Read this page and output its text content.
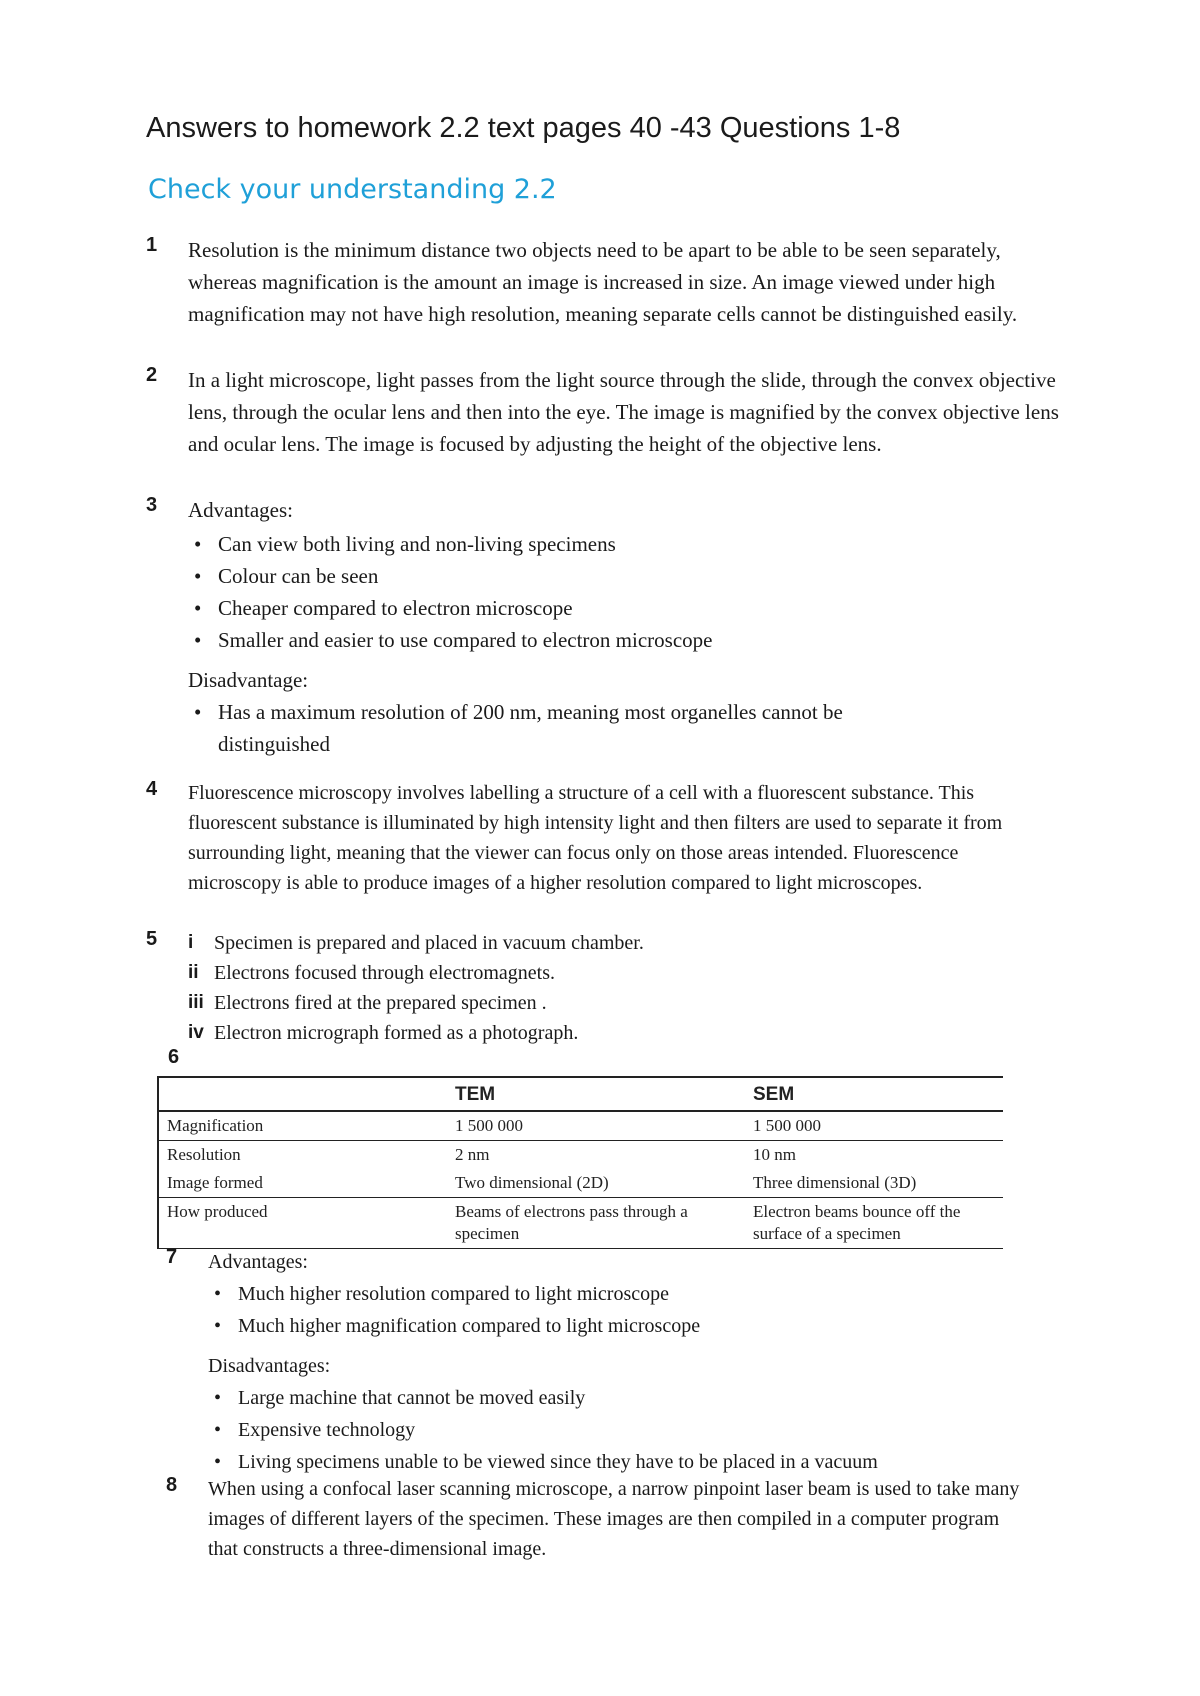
Answers to homework 2.2 text pages 40 -43 Questions 1-8
Check your understanding 2.2
1 Resolution is the minimum distance two objects need to be apart to be able to be seen separately, whereas magnification is the amount an image is increased in size. An image viewed under high magnification may not have high resolution, meaning separate cells cannot be distinguished easily.

2 In a light microscope, light passes from the light source through the slide, through the convex objective lens, through the ocular lens and then into the eye. The image is magnified by the convex objective lens and ocular lens. The image is focused by adjusting the height of the objective lens.

3 Advantages:

• Can view both living and non-living specimens
• Colour can be seen
• Cheaper compared to electron microscope
• Smaller and easier to use compared to electron microscope

Disadvantage:

• Has a maximum resolution of 200 nm, meaning most organelles cannot be distinguished
4 Fluorescence microscopy involves labelling a structure of a cell with a fluorescent substance. This fluorescent substance is illuminated by high intensity light and then filters are used to separate it from surrounding light, meaning that the viewer can focus only on those areas intended. Fluorescence microscopy is able to produce images of a higher resolution compared to light microscopes.

5 i	Specimen is prepared and placed in vacuum chamber.
ii Electrons focused through electromagnets.
iii Electrons fired at the prepared specimen .
iv Electron micrograph formed as a photograph.
6
	TEM	SEM
Magnification	1 500 000	1 500 000
Resolution	2 nm	10 nm
Image formed	Two dimensional (2D)	Three dimensional (3D)
How produced	Beams of electrons pass through a specimen	Electron beams bounce off the surface of a specimen
7 Advantages:

• Much higher resolution compared to light microscope
• Much higher magnification compared to light microscope

Disadvantages:

• Large machine that cannot be moved easily
• Expensive technology
• Living specimens unable to be viewed since they have to be placed in a vacuum
8 When using a confocal laser scanning microscope, a narrow pinpoint laser beam is used to take many images of different layers of the specimen. These images are then compiled in a computer program that constructs a three-dimensional image.
